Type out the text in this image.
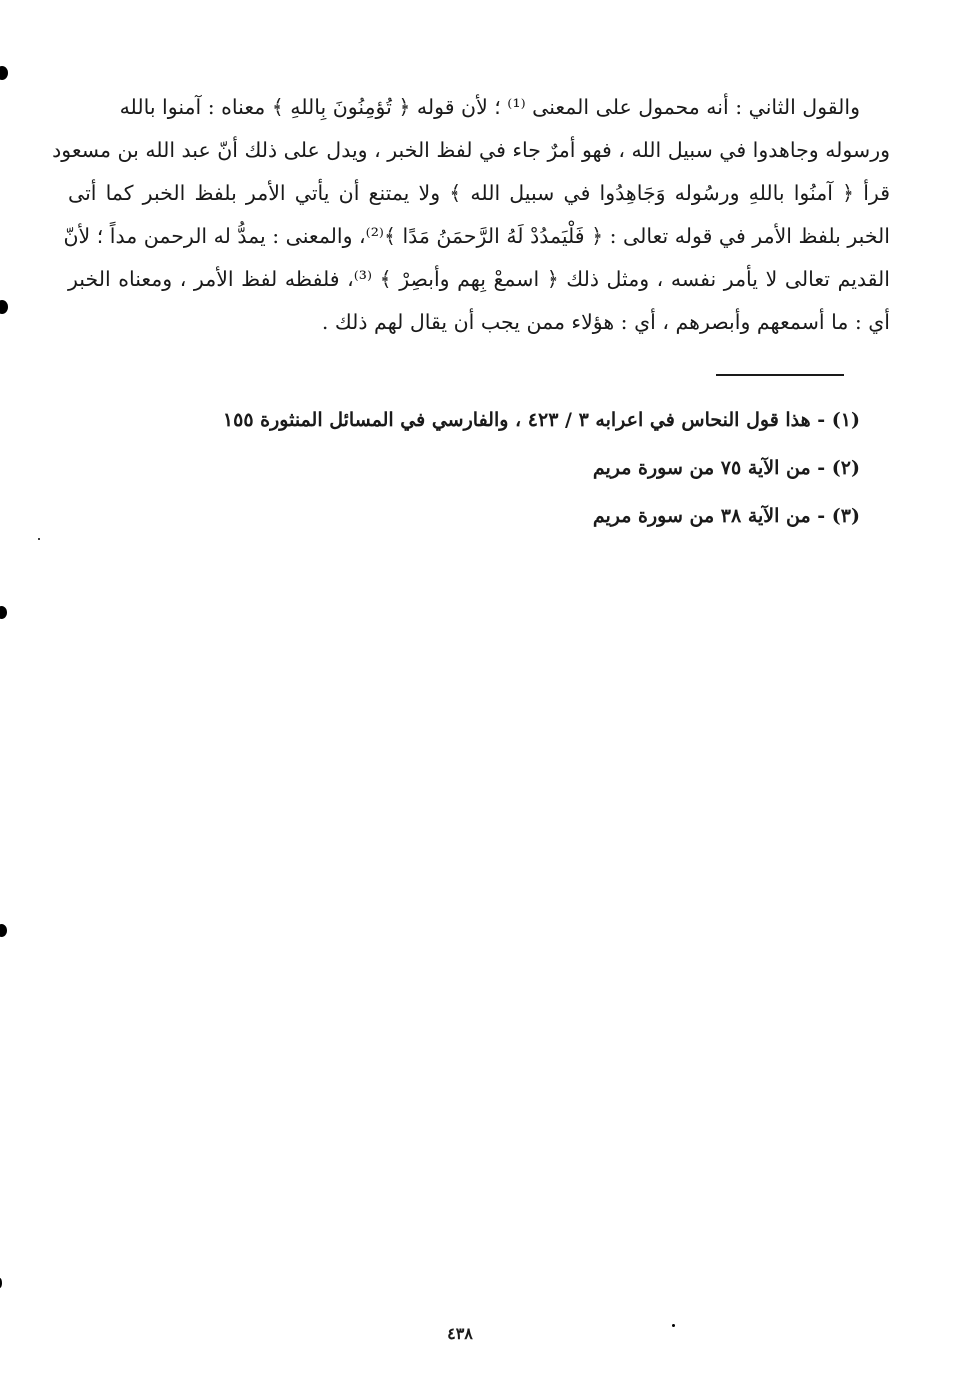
والقول الثاني : أنه محمول على المعنى ⁽¹⁾ ؛ لأن قوله ﴿ تُؤمِنُونَ بِاللهِ ﴾ معناه : آمنوا بالله
ورسوله وجاهدوا في سبيل الله ، فهو أمرٌ جاء في لفظ الخبر ، ويدل على ذلك أنّ عبد الله بن مسعود
قرأ ﴿ آمنُوا باللهِ ورسُوله وَجَاهِدُوا في سبيل الله ﴾ ولا يمتنع أن يأتي الأمر بلفظ الخبر كما أتى
الخبر بلفظ الأمر في قوله تعالى : ﴿ فَلْيَمدُدْ لَهُ الرَّحمَنُ مَدًا ﴾⁽²⁾، والمعنى : يمدُّ له الرحمن مداً ؛ لأنّ
القديم تعالى لا يأمر نفسه ، ومثل ذلك ﴿ اسمعْ بِهم وأبصِرْ ﴾ ⁽³⁾، فلفظه لفظ الأمر ، ومعناه الخبر
أي : ما أسمعهم وأبصرهم ، أي : هؤلاء ممن يجب أن يقال لهم ذلك .
(١) - هذا قول النحاس في اعرابه ٣ / ٤٢٣ ، والفارسي في المسائل المنثورة ١٥٥
(٢) - من الآية ٧٥ من سورة مريم
(٣) - من الآية ٣٨ من سورة مريم
٤٣٨
